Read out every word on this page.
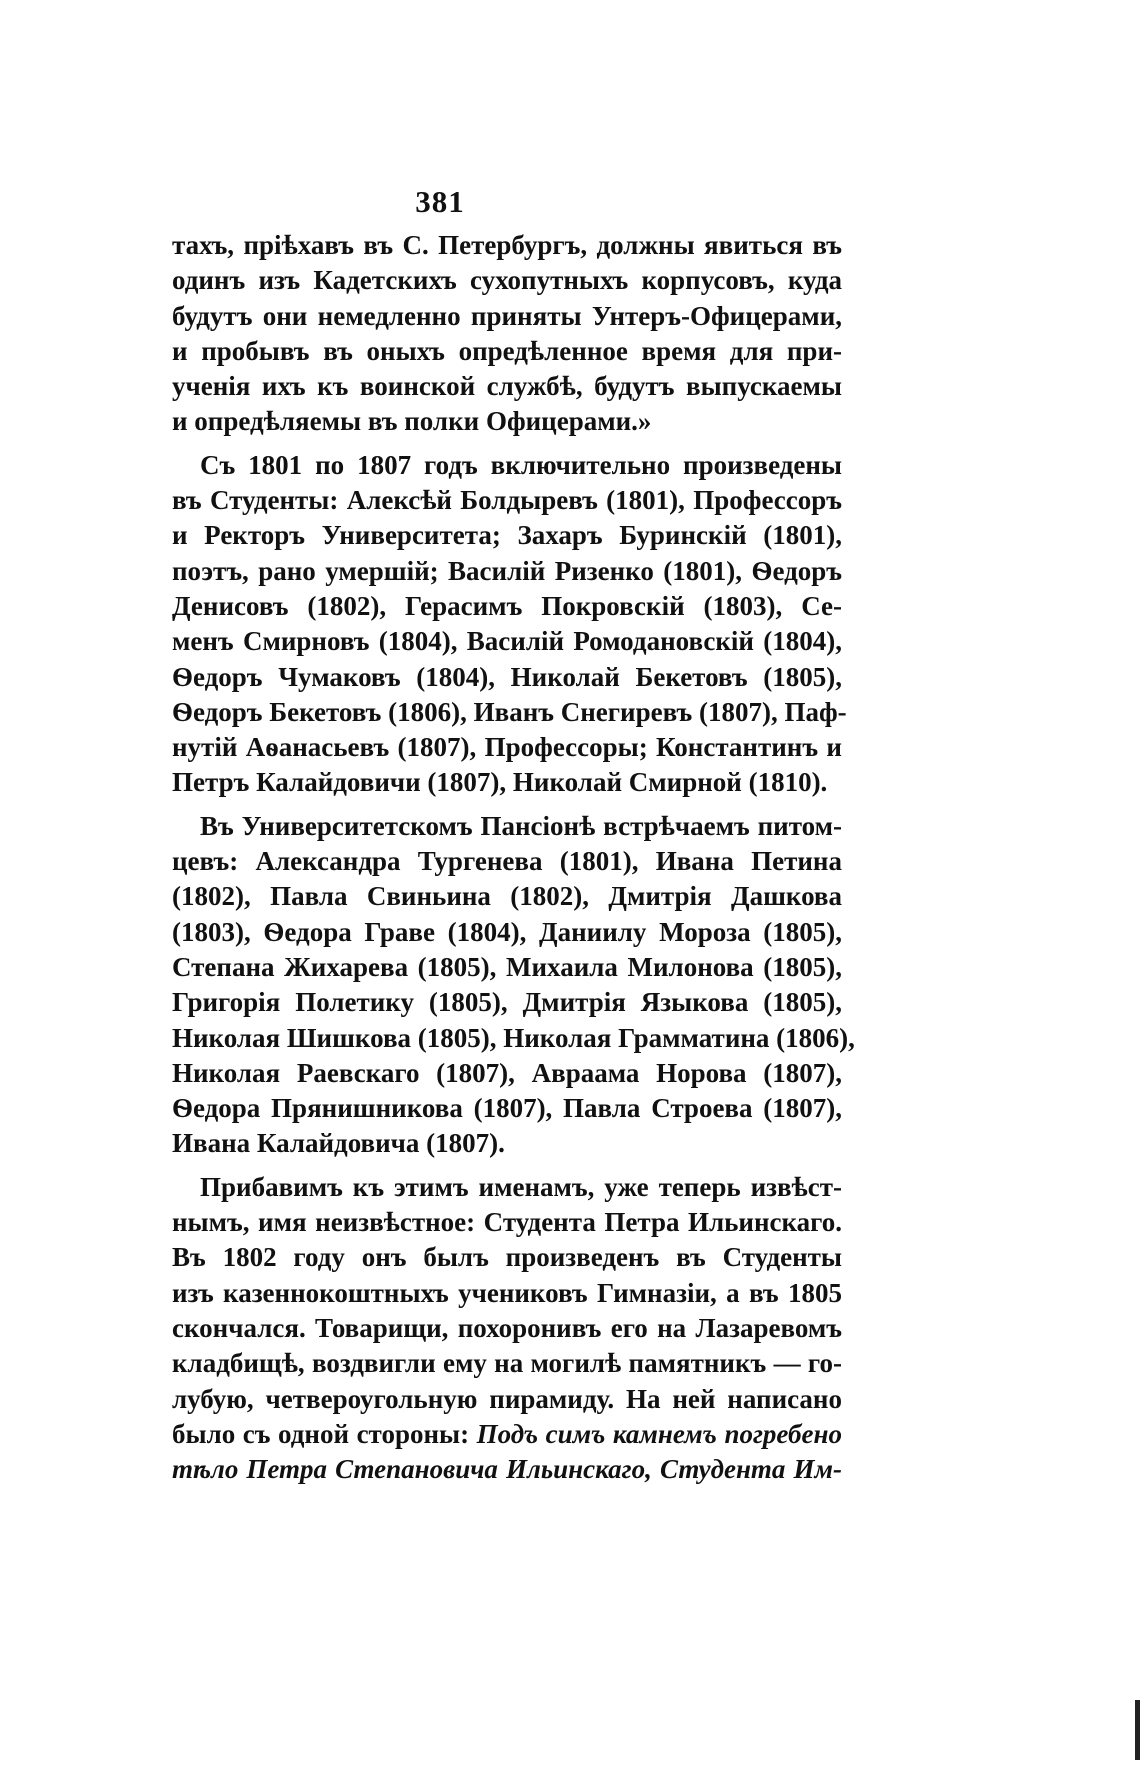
381
тахъ, пріѣхавъ въ С. Петербургъ, должны явиться въ
одинъ изъ Кадетскихъ сухопутныхъ корпусовъ, куда
будутъ они немедленно приняты Унтеръ-Офицерами,
и пробывъ въ оныхъ опредѣленное время для при-
ученія ихъ къ воинской службѣ, будутъ выпускаемы
и опредѣляемы въ полки Офицерами.»
Съ 1801 по 1807 годъ включительно произведены
въ Студенты: Алексѣй Болдыревъ (1801), Профессоръ
и Ректоръ Университета; Захаръ Буринскій (1801),
поэтъ, рано умершій; Василій Ризенко (1801), Ѳедоръ
Денисовъ (1802), Герасимъ Покровскій (1803), Се-
менъ Смирновъ (1804), Василій Ромодановскій (1804),
Ѳедоръ Чумаковъ (1804), Николай Бекетовъ (1805),
Ѳедоръ Бекетовъ (1806), Иванъ Снегиревъ (1807), Паф-
нутій Аѳанасьевъ (1807), Профессоры; Константинъ и
Петръ Калайдовичи (1807), Николай Смирной (1810).
Въ Университетскомъ Пансіонѣ встрѣчаемъ питом-
цевъ: Александра Тургенева (1801), Ивана Петина
(1802), Павла Свиньина (1802), Дмитрія Дашкова
(1803), Ѳедора Граве (1804), Даниилу Мороза (1805),
Степана Жихарева (1805), Михаила Милонова (1805),
Григорія Полетику (1805), Дмитрія Языкова (1805),
Николая Шишкова (1805), Николая Грамматина (1806),
Николая Раевскаго (1807), Авраама Норова (1807),
Ѳедора Прянишникова (1807), Павла Строева (1807),
Ивана Калайдовича (1807).
Прибавимъ къ этимъ именамъ, уже теперь извѣст-
нымъ, имя неизвѣстное: Студента Петра Ильинскаго.
Въ 1802 году онъ былъ произведенъ въ Студенты
изъ казеннокоштныхъ учениковъ Гимназіи, а въ 1805
скончался. Товарищи, похоронивъ его на Лазаревомъ
кладбищѣ, воздвигли ему на могилѣ памятникъ — го-
лубую, четвероугольную пирамиду. На ней написано
было съ одной стороны: Подъ симъ камнемъ погребено
тѣло Петра Степановича Ильинскаго, Студента Им-
